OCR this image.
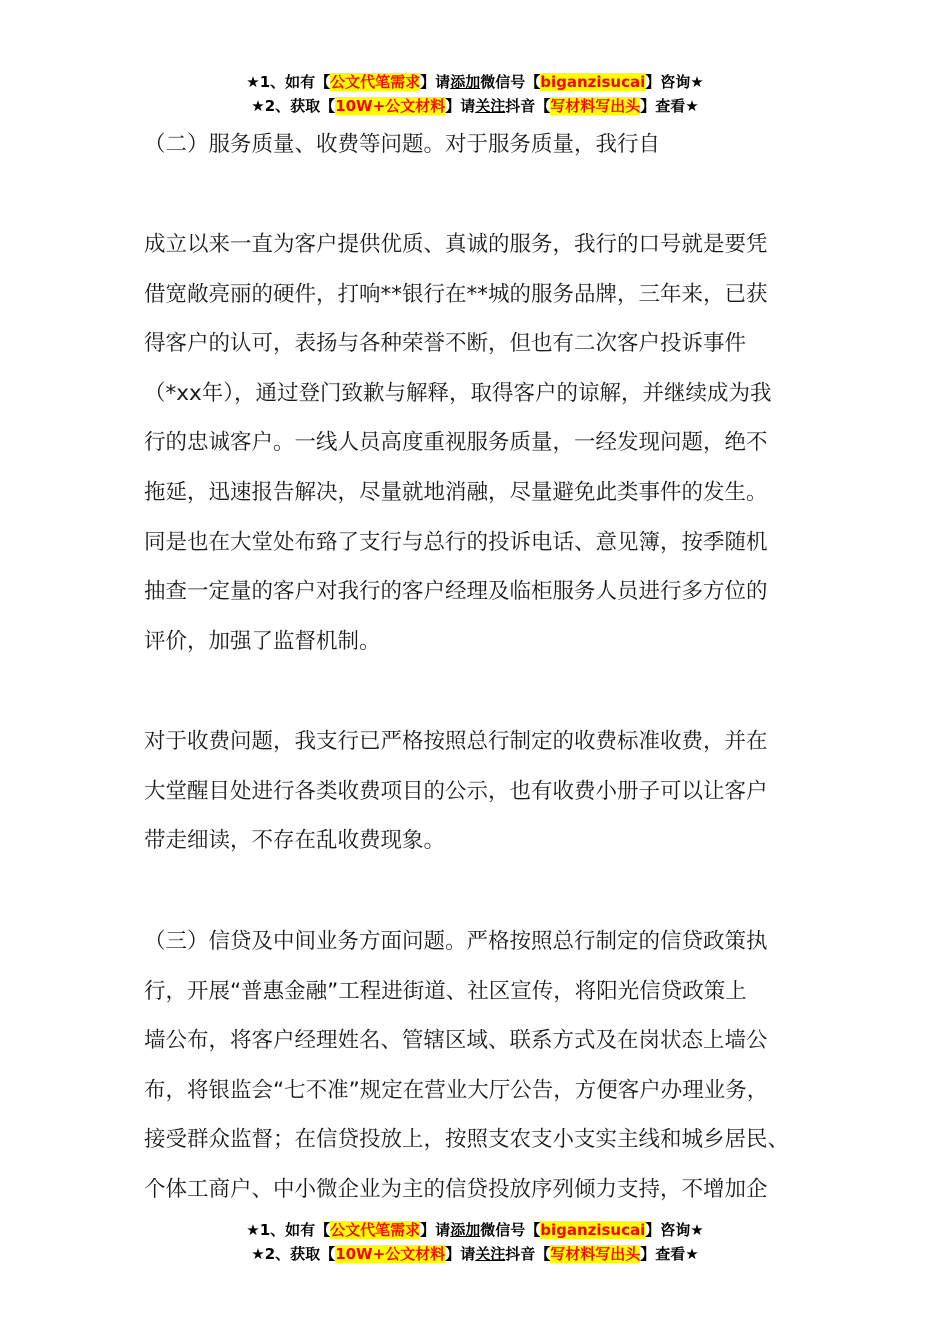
★1、如有【公文代笔需求】请添加微信号【biganzisucai】咨询★
★2、获取【10W+公文材料】请关注抖音【写材料写出头】查看★

（二）服务质量、收费等问题。对于服务质量，我行自

成立以来一直为客户提供优质、真诚的服务，我行的口号就是要凭
借宽敞亮丽的硬件，打响**银行在**城的服务品牌，三年来，已获
得客户的认可，表扬与各种荣誉不断，但也有二次客户投诉事件
（*xx年），通过登门致歉与解释，取得客户的谅解，并继续成为我
行的忠诚客户。一线人员高度重视服务质量，一经发现问题，绝不
拖延，迅速报告解决，尽量就地消融，尽量避免此类事件的发生。
同是也在大堂处布臵了支行与总行的投诉电话、意见簿，按季随机
抽查一定量的客户对我行的客户经理及临柜服务人员进行多方位的
评价，加强了监督机制。

对于收费问题，我支行已严格按照总行制定的收费标准收费，并在
大堂醒目处进行各类收费项目的公示，也有收费小册子可以让客户
带走细读，不存在乱收费现象。

（三）信贷及中间业务方面问题。严格按照总行制定的信贷政策执
行，开展“普惠金融”工程进街道、社区宣传，将阳光信贷政策上
墙公布，将客户经理姓名、管辖区域、联系方式及在岗状态上墙公
布，将银监会“七不准”规定在营业大厅公告，方便客户办理业务，
接受群众监督；在信贷投放上，按照支农支小支实主线和城乡居民、
个体工商户、中小微企业为主的信贷投放序列倾力支持，不增加企

★1、如有【公文代笔需求】请添加微信号【biganzisucai】咨询★
★2、获取【10W+公文材料】请关注抖音【写材料写出头】查看★
